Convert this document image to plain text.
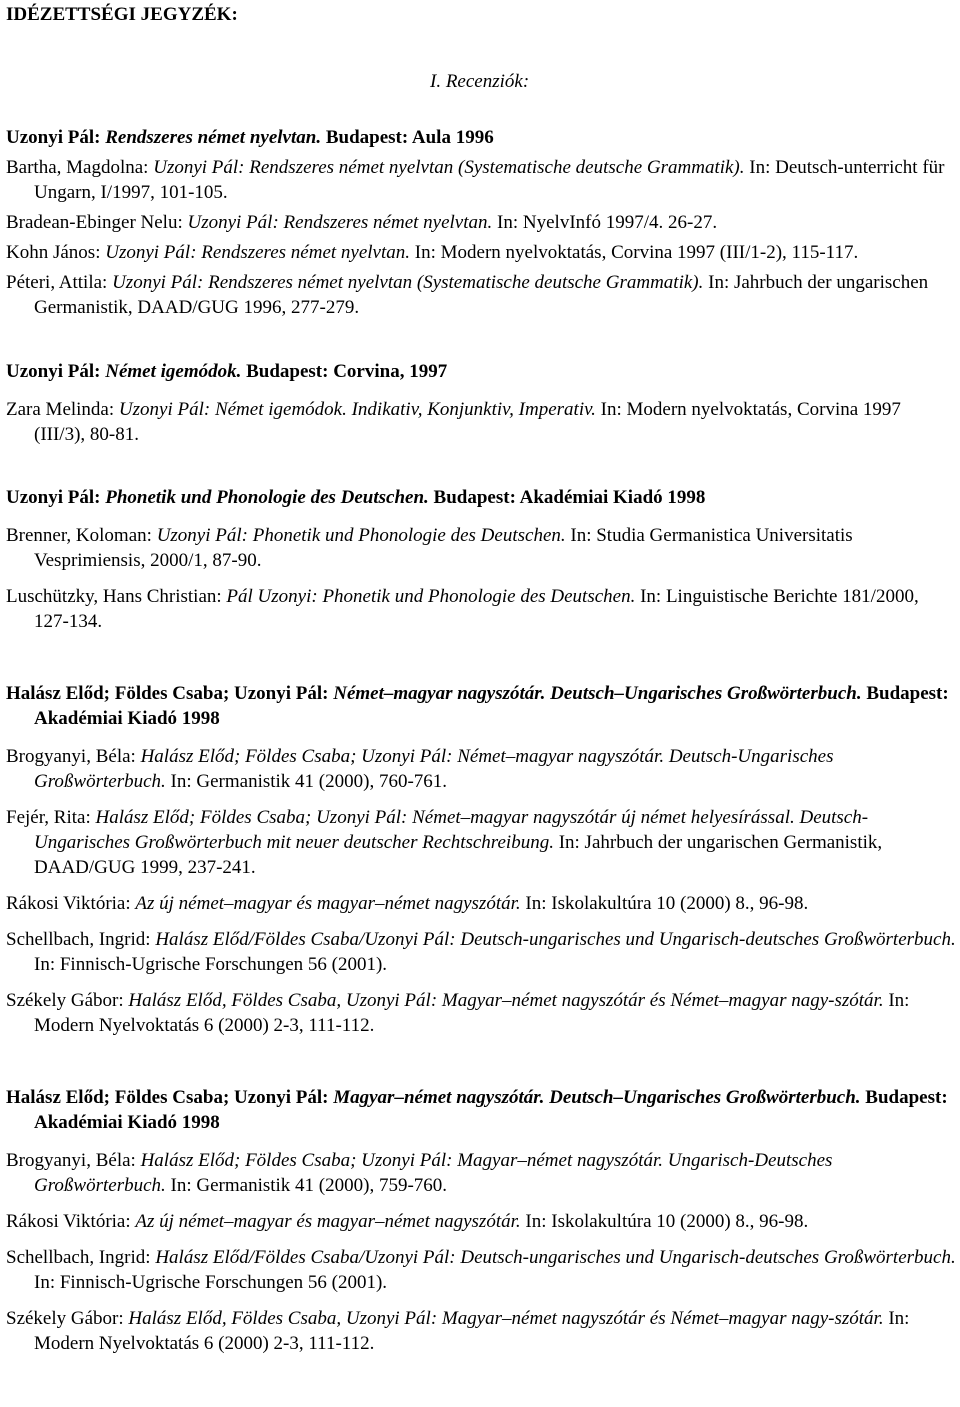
IDÉZETTSÉGI JEGYZÉK:
I. Recenziók:
Uzonyi Pál: Rendszeres német nyelvtan. Budapest: Aula 1996
Bartha, Magdolna: Uzonyi Pál: Rendszeres német nyelvtan (Systematische deutsche Grammatik). In: Deutsch-unterricht für Ungarn, I/1997, 101-105.
Bradean-Ebinger Nelu: Uzonyi Pál: Rendszeres német nyelvtan. In: NyelvInfó 1997/4. 26-27.
Kohn János: Uzonyi Pál: Rendszeres német nyelvtan. In: Modern nyelvoktatás, Corvina 1997 (III/1-2), 115-117.
Péteri, Attila: Uzonyi Pál: Rendszeres német nyelvtan (Systematische deutsche Grammatik). In: Jahrbuch der ungarischen Germanistik, DAAD/GUG 1996, 277-279.
Uzonyi Pál: Német igemódok. Budapest: Corvina, 1997
Zara Melinda: Uzonyi Pál: Német igemódok. Indikativ, Konjunktiv, Imperativ. In: Modern nyelvoktatás, Corvina 1997 (III/3), 80-81.
Uzonyi Pál: Phonetik und Phonologie des Deutschen. Budapest: Akadémiai Kiadó 1998
Brenner, Koloman: Uzonyi Pál: Phonetik und Phonologie des Deutschen. In: Studia Germanistica Universitatis Vesprimiensis, 2000/1, 87-90.
Luschützky, Hans Christian: Pál Uzonyi: Phonetik und Phonologie des Deutschen. In: Linguistische Berichte 181/2000, 127-134.
Halász Előd; Földes Csaba; Uzonyi Pál: Német–magyar nagyszótár. Deutsch–Ungarisches Großwörterbuch. Budapest: Akadémiai Kiadó 1998
Brogyanyi, Béla: Halász Előd; Földes Csaba; Uzonyi Pál: Német–magyar nagyszótár. Deutsch-Ungarisches Großwörterbuch. In: Germanistik 41 (2000), 760-761.
Fejér, Rita: Halász Előd; Földes Csaba; Uzonyi Pál: Német–magyar nagyszótár új német helyesírással. Deutsch-Ungarisches Großwörterbuch mit neuer deutscher Rechtschreibung. In: Jahrbuch der ungarischen Germanistik, DAAD/GUG 1999, 237-241.
Rákosi Viktória: Az új német–magyar és magyar–német nagyszótár. In: Iskolakultúra 10 (2000) 8., 96-98.
Schellbach, Ingrid: Halász Előd/Földes Csaba/Uzonyi Pál: Deutsch-ungarisches und Ungarisch-deutsches Großwörterbuch. In: Finnisch-Ugrische Forschungen 56 (2001).
Székely Gábor: Halász Előd, Földes Csaba, Uzonyi Pál: Magyar–német nagyszótár és Német–magyar nagy-szótár. In: Modern Nyelvoktatás 6 (2000) 2-3, 111-112.
Halász Előd; Földes Csaba; Uzonyi Pál: Magyar–német nagyszótár. Deutsch–Ungarisches Großwörterbuch. Budapest: Akadémiai Kiadó 1998
Brogyanyi, Béla: Halász Előd; Földes Csaba; Uzonyi Pál: Magyar–német nagyszótár. Ungarisch-Deutsches Großwörterbuch. In: Germanistik 41 (2000), 759-760.
Rákosi Viktória: Az új német–magyar és magyar–német nagyszótár. In: Iskolakultúra 10 (2000) 8., 96-98.
Schellbach, Ingrid: Halász Előd/Földes Csaba/Uzonyi Pál: Deutsch-ungarisches und Ungarisch-deutsches Großwörterbuch. In: Finnisch-Ugrische Forschungen 56 (2001).
Székely Gábor: Halász Előd, Földes Csaba, Uzonyi Pál: Magyar–német nagyszótár és Német–magyar nagy-szótár. In: Modern Nyelvoktatás 6 (2000) 2-3, 111-112.
